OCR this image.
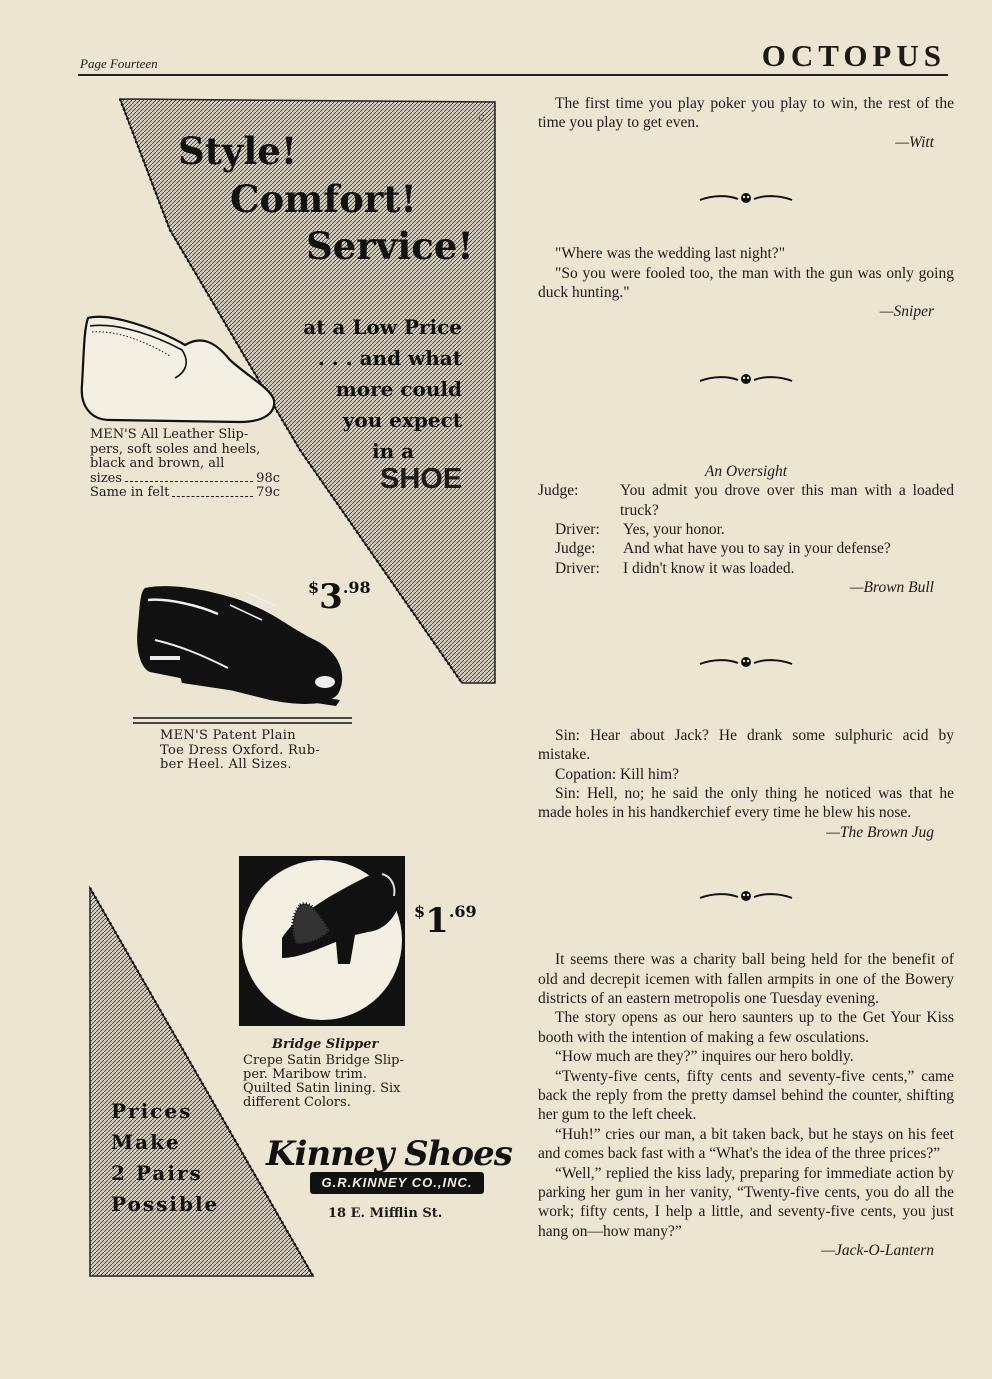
Page Fourteen	OCTOPUS
c
Style!
Comfort!
Service!
at a Low Price
. . . and what
more could
you expect
in a
SHOE
MEN'S All Leather Slip-
pers, soft soles and heels,
black and brown, all
sizes	98c
Same in felt	79c
$3.98
MEN'S Patent Plain
Toe Dress Oxford. Rub-
ber Heel. All Sizes.
$1.69
Bridge Slipper
Crepe Satin Bridge Slip-
per. Maribow trim.
Quilted Satin lining. Six
different Colors.
Prices
Make
2 Pairs
Possible
Kinney Shoes
G.R.KINNEY CO.,INC.
18 E. Mifflin St.

The first time you play poker you play to win, the rest of the time you play to get even.

—Witt

"Where was the wedding last night?"

"So you were fooled too, the man with the gun was only going duck hunting."

—Sniper

An Oversight

Judge:	You admit you drove over this man with a loaded truck?
Driver:	Yes, your honor.
Judge:	And what have you to say in your defense?
Driver:	I didn't know it was loaded.

—Brown Bull

Sin: Hear about Jack? He drank some sulphuric acid by mistake.

Copation: Kill him?

Sin: Hell, no; he said the only thing he noticed was that he made holes in his handkerchief every time he blew his nose.

—The Brown Jug

It seems there was a charity ball being held for the benefit of old and decrepit icemen with fallen armpits in one of the Bowery districts of an eastern metropolis one Tuesday evening.

The story opens as our hero saunters up to the Get Your Kiss booth with the intention of making a few osculations.

“How much are they?” inquires our hero boldly.

“Twenty-five cents, fifty cents and seventy-five cents,” came back the reply from the pretty damsel behind the counter, shifting her gum to the left cheek.

“Huh!” cries our man, a bit taken back, but he stays on his feet and comes back fast with a “What's the idea of the three prices?”

“Well,” replied the kiss lady, preparing for immediate action by parking her gum in her vanity, “Twenty-five cents, you do all the work; fifty cents, I help a little, and seventy-five cents, you just hang on—how many?”

—Jack-O-Lantern
